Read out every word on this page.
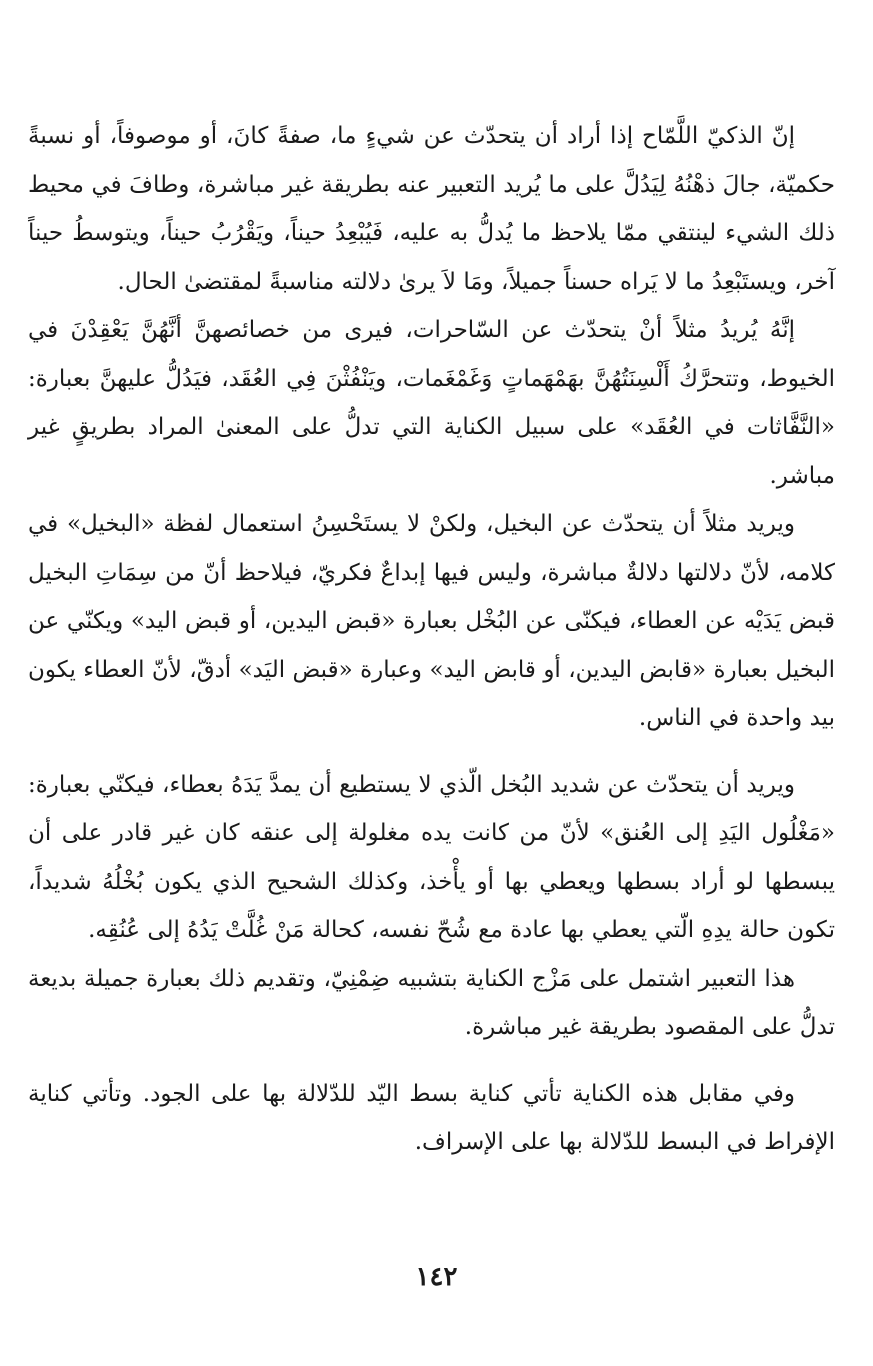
إنّ الذكيّ اللَّمّاح إذا أراد أن يتحدّث عن شيءٍ ما، صفةً كانَ، أو موصوفاً، أو نسبةً حكميّة، جالَ ذهْنُهُ لِيَدُلَّ على ما يُريد التعبير عنه بطريقة غير مباشرة، وطافَ في محيط ذلك الشيء لينتقي ممّا يلاحظ ما يُدلُّ به عليه، فَيُبْعِدُ حيناً، ويَقْرُبُ حيناً، ويتوسطُ حيناً آخر، ويستَبْعِدُ ما لا يَراه حسناً جميلاً، ومَا لاَ يرىٰ دلالته مناسبةً لمقتضىٰ الحال.

إنَّهُ يُريدُ مثلاً أنْ يتحدّث عن السّاحرات، فيرى من خصائصهنَّ أنَّهُنَّ يَعْقِدْنَ في الخيوط، وتتحرَّكُ أَلْسِنَتُهُنَّ بهَمْهَماتٍ وَغَمْغَمات، ويَنْفُثْنَ فِي العُقَد، فيَدُلُّ عليهنَّ بعبارة: «النَّفَّاثات في العُقَد» على سبيل الكناية التي تدلُّ على المعنىٰ المراد بطريقٍ غير مباشر.

ويريد مثلاً أن يتحدّث عن البخيل، ولكنْ لا يستَحْسِنُ استعمال لفظة «البخيل» في كلامه، لأنّ دلالتها دلالةٌ مباشرة، وليس فيها إبداعٌ فكريّ، فيلاحظ أنّ من سِمَاتِ البخيل قبض يَدَيْه عن العطاء، فيكنّى عن البُخْل بعبارة «قبض اليدين، أو قبض اليد» ويكنّي عن البخيل بعبارة «قابض اليدين، أو قابض اليد» وعبارة «قبض اليَد» أدقّ، لأنّ العطاء يكون بيد واحدة في الناس.

ويريد أن يتحدّث عن شديد البُخل الّذي لا يستطيع أن يمدَّ يَدَهُ بعطاء، فيكنّي بعبارة: «مَغْلُول اليَدِ إلى العُنق» لأنّ من كانت يده مغلولة إلى عنقه كان غير قادر على أن يبسطها لو أراد بسطها ويعطي بها أو يأْخذ، وكذلك الشحيح الذي يكون بُخْلُهُ شديداً، تكون حالة يدِهِ الّتي يعطي بها عادة مع شُحّ نفسه، كحالة مَنْ غُلَّتْ يَدُهُ إلى عُنُقِه.

هذا التعبير اشتمل على مَزْج الكناية بتشبيه ضِمْنِيّ، وتقديم ذلك بعبارة جميلة بديعة تدلُّ على المقصود بطريقة غير مباشرة.

وفي مقابل هذه الكناية تأتي كناية بسط اليّد للدّلالة بها على الجود. وتأتي كناية الإفراط في البسط للدّلالة بها على الإسراف.

١٤٢
